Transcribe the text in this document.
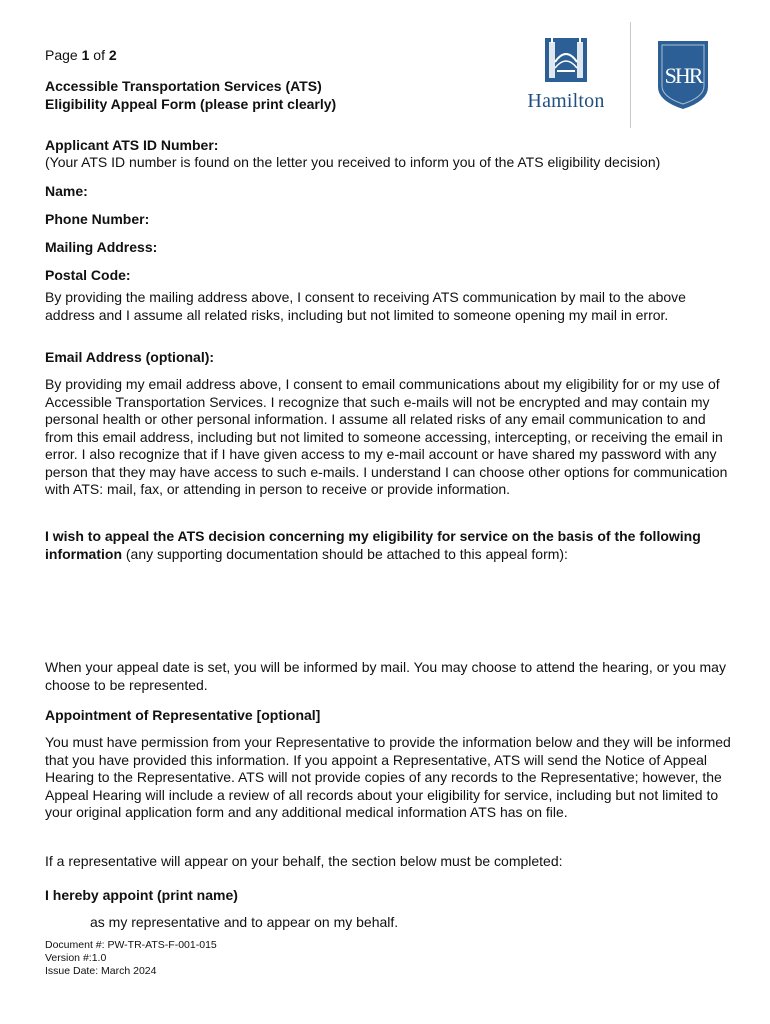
Hamilton
SHR

Page 1 of 2

Accessible Transportation Services (ATS)

Eligibility Appeal Form (please print clearly)

Applicant ATS ID Number:

(Your ATS ID number is found on the letter you received to inform you of the ATS eligibility decision)

Name:

Phone Number:

Mailing Address:

Postal Code:

By providing the mailing address above, I consent to receiving ATS communication by mail to the above address and I assume all related risks, including but not limited to someone opening my mail in error.

Email Address (optional):

By providing my email address above, I consent to email communications about my eligibility for or my use of Accessible Transportation Services. I recognize that such e-mails will not be encrypted and may contain my personal health or other personal information. I assume all related risks of any email communication to and from this email address, including but not limited to someone accessing, intercepting, or receiving the email in error. I also recognize that if I have given access to my e-mail account or have shared my password with any person that they may have access to such e-mails. I understand I can choose other options for communication with ATS: mail, fax, or attending in person to receive or provide information.

I wish to appeal the ATS decision concerning my eligibility for service on the basis of the following information (any supporting documentation should be attached to this appeal form):

When your appeal date is set, you will be informed by mail. You may choose to attend the hearing, or you may choose to be represented.

Appointment of Representative [optional]

You must have permission from your Representative to provide the information below and they will be informed that you have provided this information. If you appoint a Representative, ATS will send the Notice of Appeal Hearing to the Representative. ATS will not provide copies of any records to the Representative; however, the Appeal Hearing will include a review of all records about your eligibility for service, including but not limited to your original application form and any additional medical information ATS has on file.

If a representative will appear on your behalf, the section below must be completed:

I hereby appoint (print name)

as my representative and to appear on my behalf.

Document #: PW-TR-ATS-F-001-015

Version #:1.0

Issue Date: March 2024
